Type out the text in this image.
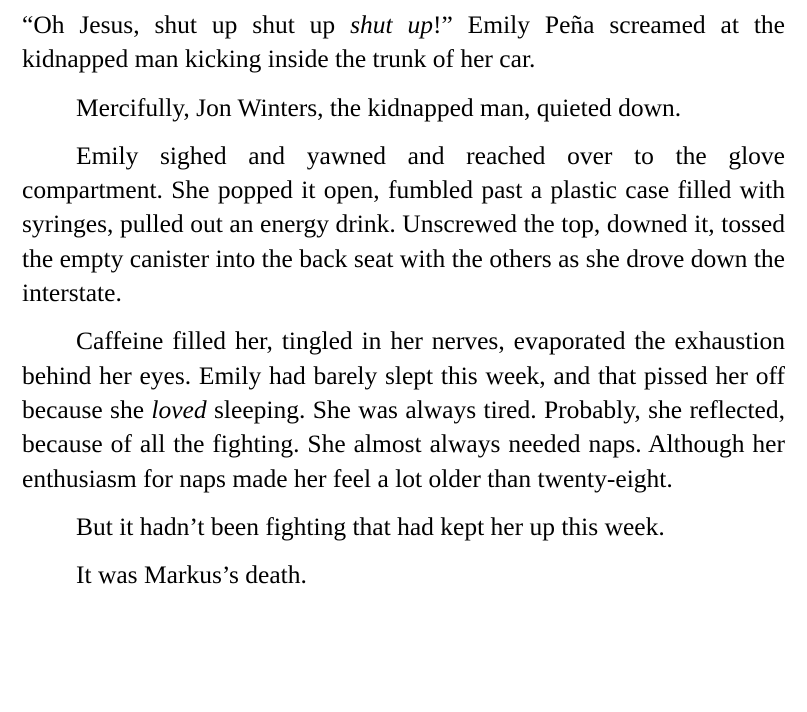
“Oh Jesus, shut up shut up shut up!” Emily Peña screamed at the kidnapped man kicking inside the trunk of her car.

Mercifully, Jon Winters, the kidnapped man, quieted down.

Emily sighed and yawned and reached over to the glove compartment. She popped it open, fumbled past a plastic case filled with syringes, pulled out an energy drink. Unscrewed the top, downed it, tossed the empty canister into the back seat with the others as she drove down the interstate.

Caffeine filled her, tingled in her nerves, evaporated the exhaustion behind her eyes. Emily had barely slept this week, and that pissed her off because she loved sleeping. She was always tired. Probably, she reflected, because of all the fighting. She almost always needed naps. Although her enthusiasm for naps made her feel a lot older than twenty-eight.

But it hadn’t been fighting that had kept her up this week.

It was Markus’s death.
